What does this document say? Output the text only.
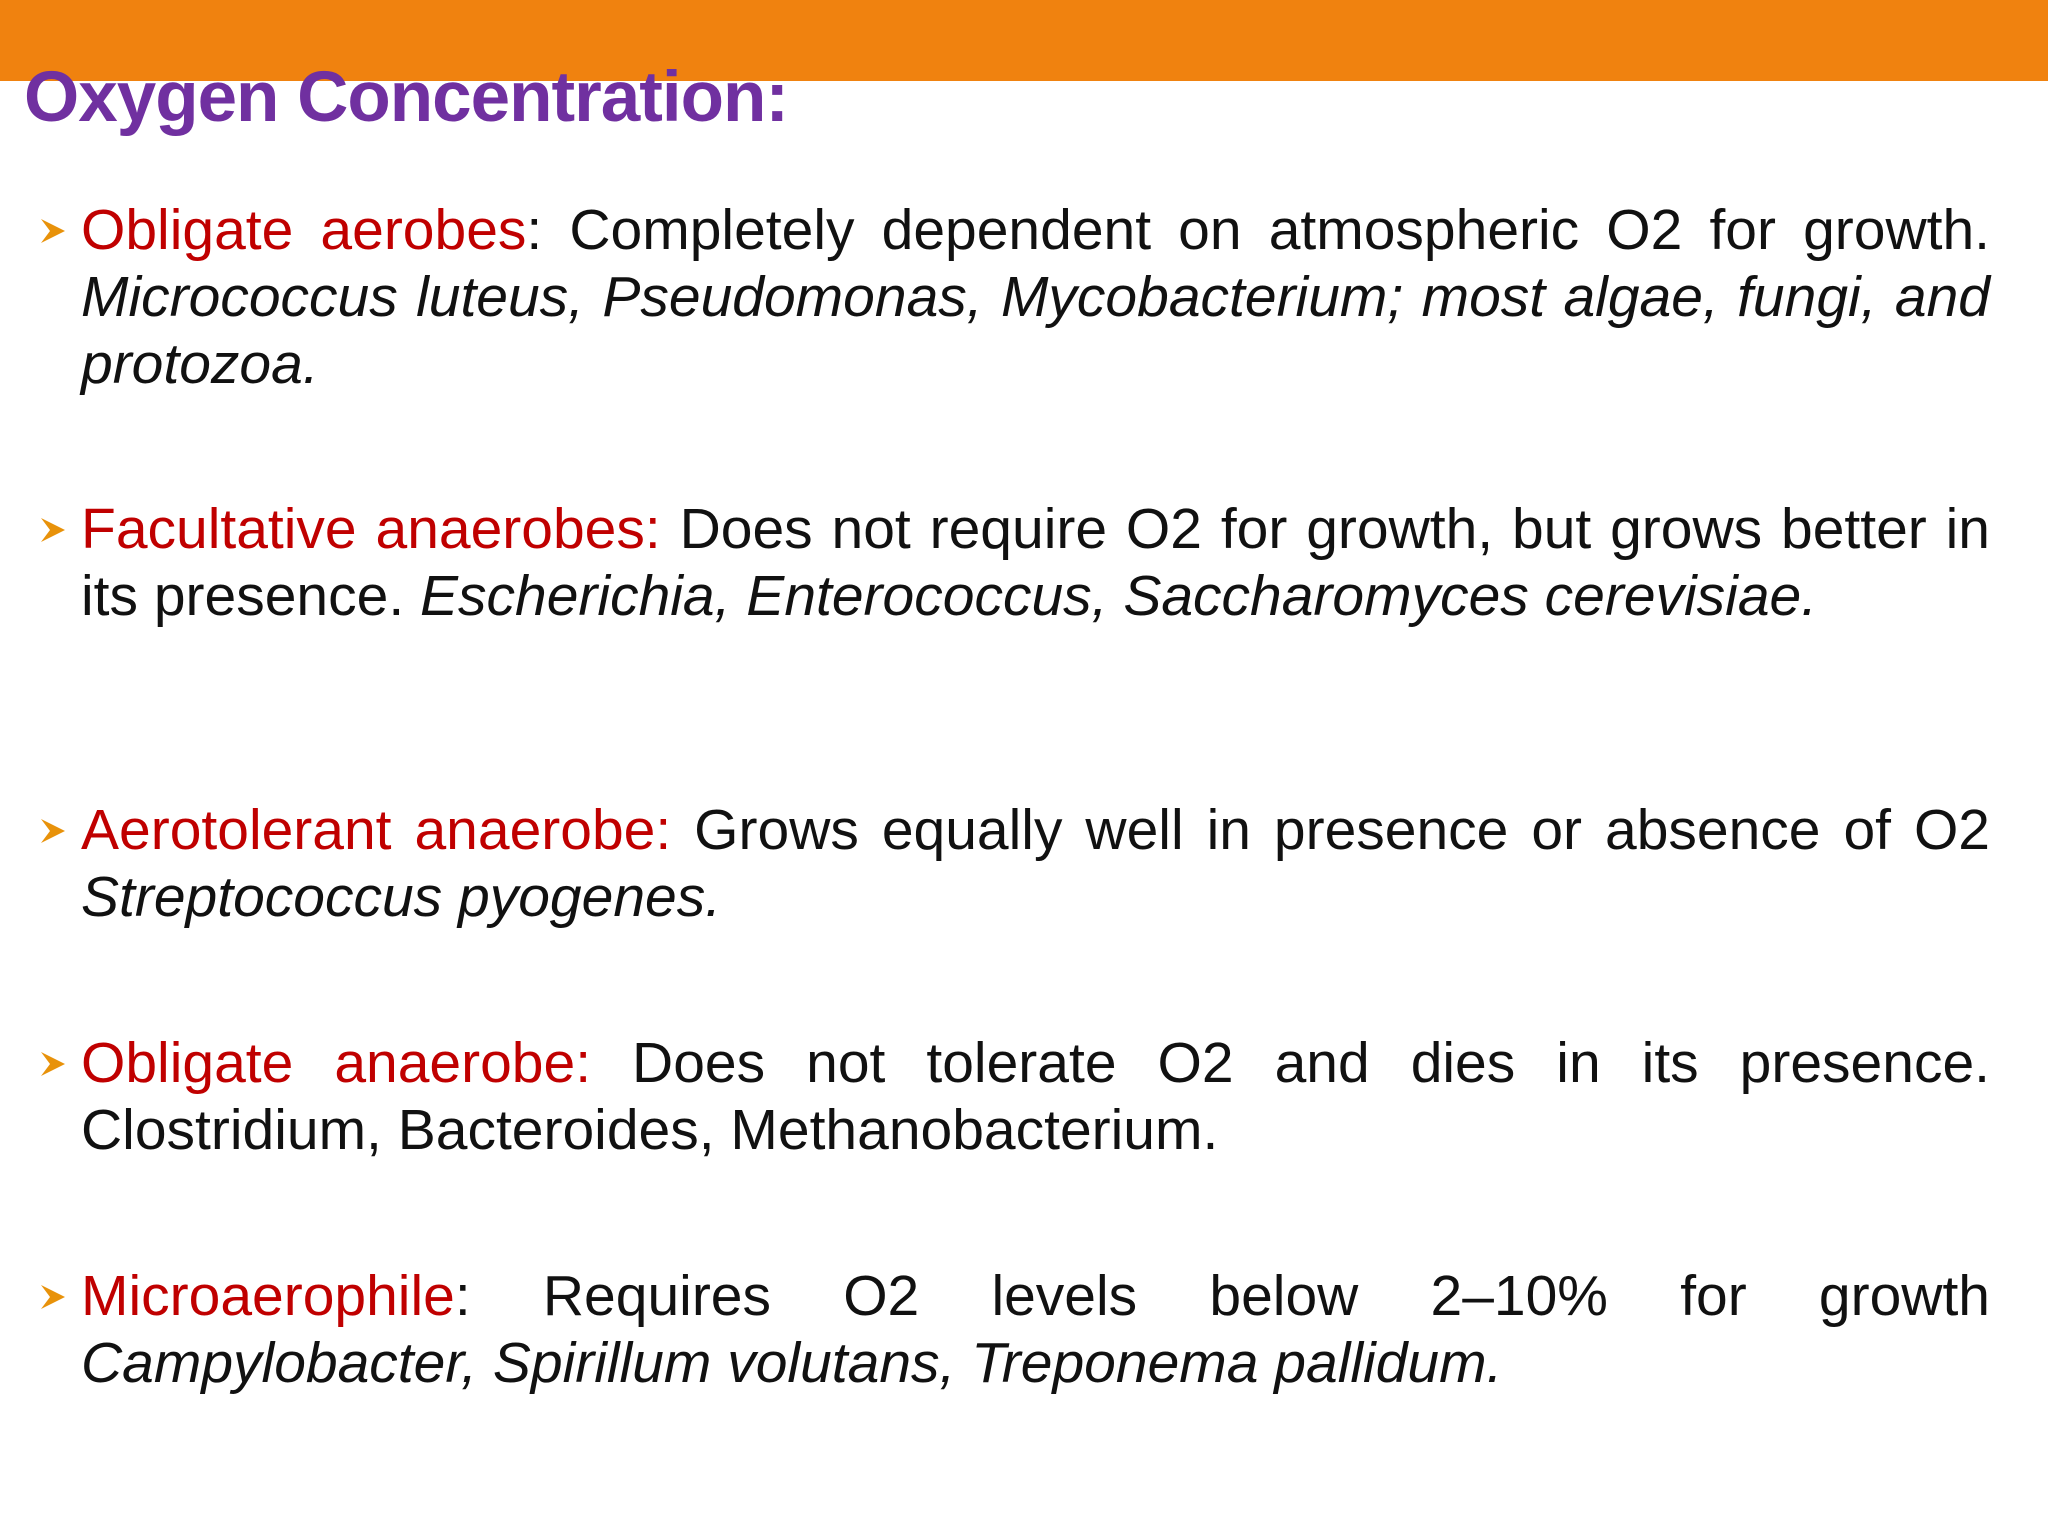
Oxygen Concentration:
Obligate aerobes: Completely dependent on atmospheric O2 for growth. Micrococcus luteus, Pseudomonas, Mycobacterium; most algae, fungi, and protozoa.
Facultative anaerobes: Does not require O2 for growth, but grows better in its presence. Escherichia, Enterococcus, Saccharomyces cerevisiae.
Aerotolerant anaerobe: Grows equally well in presence or absence of O2 Streptococcus pyogenes.
Obligate anaerobe: Does not tolerate O2 and dies in its presence. Clostridium, Bacteroides, Methanobacterium.
Microaerophile: Requires O2 levels below 2–10% for growth Campylobacter, Spirillum volutans, Treponema pallidum.
